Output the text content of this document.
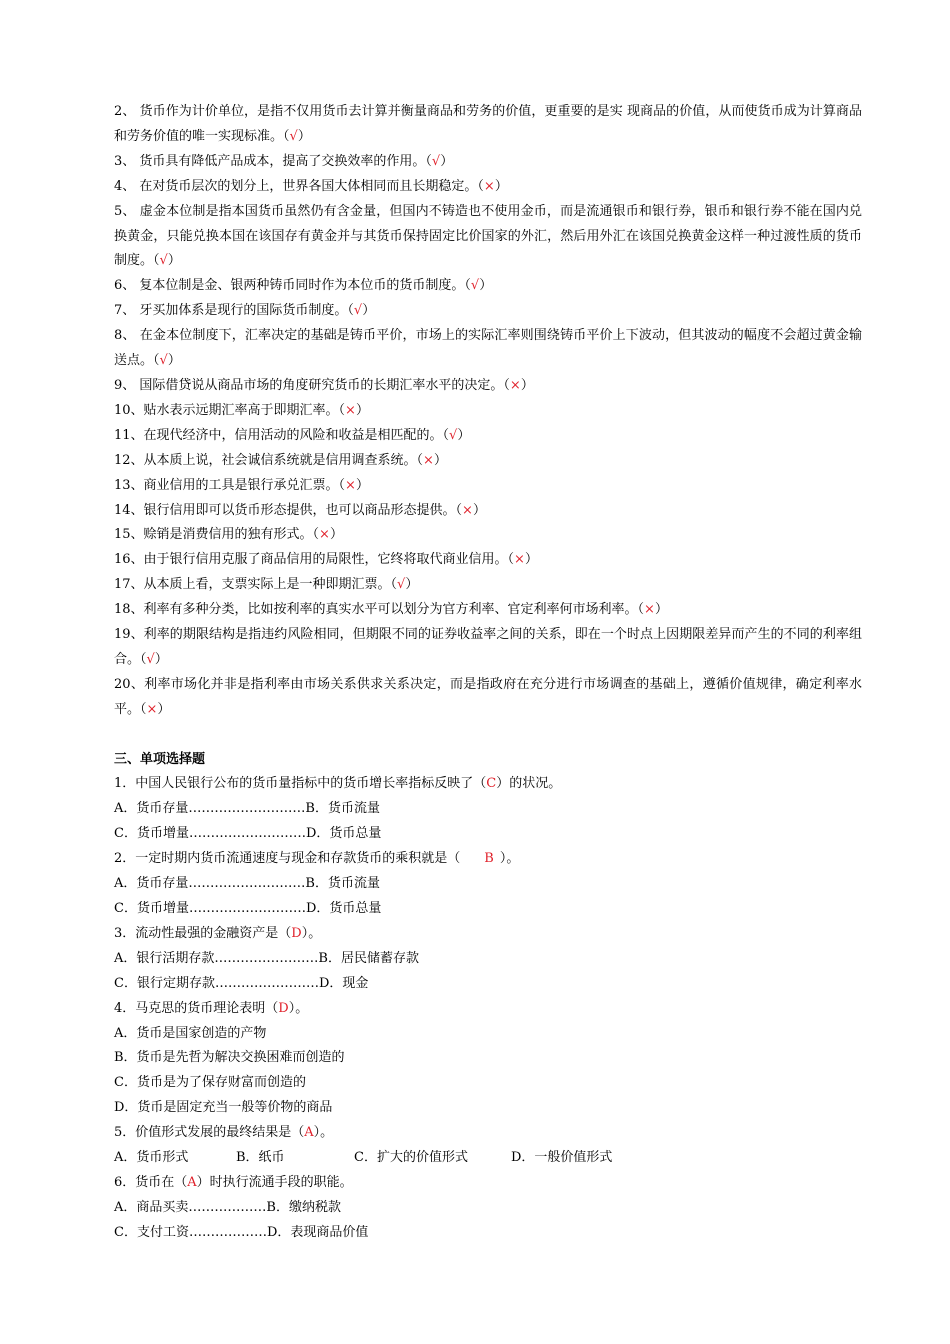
2、 货币作为计价单位，是指不仅用货币去计算并衡量商品和劳务的价值，更重要的是实 现商品的价值，从而使货币成为计算商品和劳务价值的唯一实现标准。（√）
3、 货币具有降低产品成本，提高了交换效率的作用。（√）
4、 在对货币层次的划分上，世界各国大体相同而且长期稳定。（×）
5、 虚金本位制是指本国货币虽然仍有含金量，但国内不铸造也不使用金币，而是流通银币和银行券，银币和银行券不能在国内兑换黄金，只能兑换本国在该国存有黄金并与其货币保持固定比价国家的外汇，然后用外汇在该国兑换黄金这样一种过渡性质的货币制度。（√）
6、 复本位制是金、银两种铸币同时作为本位币的货币制度。（√）
7、 牙买加体系是现行的国际货币制度。（√）
8、 在金本位制度下，汇率决定的基础是铸币平价，市场上的实际汇率则围绕铸币平价上下波动，但其波动的幅度不会超过黄金输送点。（√）
9、 国际借贷说从商品市场的角度研究货币的长期汇率水平的决定。（×）
10、贴水表示远期汇率高于即期汇率。（×）
11、在现代经济中，信用活动的风险和收益是相匹配的。（√）
12、从本质上说，社会诚信系统就是信用调查系统。（×）
13、商业信用的工具是银行承兑汇票。（×）
14、银行信用即可以货币形态提供，也可以商品形态提供。（×）
15、赊销是消费信用的独有形式。（×）
16、由于银行信用克服了商品信用的局限性，它终将取代商业信用。（×）
17、从本质上看，支票实际上是一种即期汇票。（√）
18、利率有多种分类，比如按利率的真实水平可以划分为官方利率、官定利率何市场利率。（×）
19、利率的期限结构是指违约风险相同，但期限不同的证券收益率之间的关系，即在一个时点上因期限差异而产生的不同的利率组合。（√）
20、利率市场化并非是指利率由市场关系供求关系决定，而是指政府在充分进行市场调查的基础上，遵循价值规律，确定利率水平。（×）
三、单项选择题
1．中国人民银行公布的货币量指标中的货币增长率指标反映了（C）的状况。
A．货币存量………………………B．货币流量
C．货币增量………………………D．货币总量
2．一定时期内货币流通速度与现金和存款货币的乘积就是（ B ）。
A．货币存量………………………B．货币流量
C．货币增量………………………D．货币总量
3．流动性最强的金融资产是（D）。
A．银行活期存款……………………B．居民储蓄存款
C．银行定期存款……………………D．现金
4．马克思的货币理论表明（D）。
A．货币是国家创造的产物
B．货币是先哲为解决交换困难而创造的
C．货币是为了保存财富而创造的
D．货币是固定充当一般等价物的商品
5．价值形式发展的最终结果是（A）。
A．货币形式	B．纸币	C．扩大的价值形式	D．一般价值形式
6．货币在（A）时执行流通手段的职能。
A．商品买卖………………B．缴纳税款
C．支付工资………………D．表现商品价值
